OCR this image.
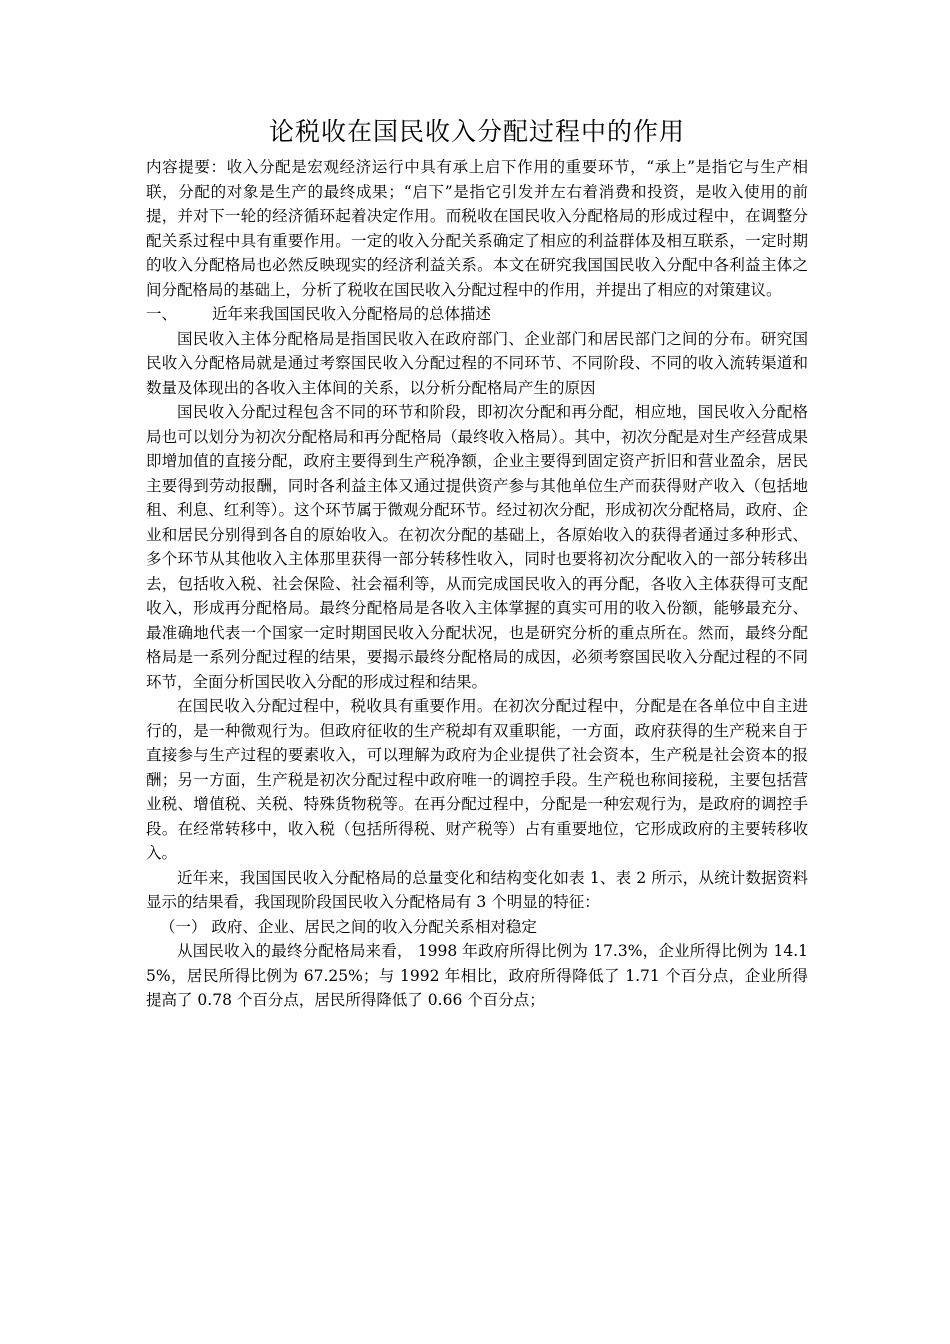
论税收在国民收入分配过程中的作用

内容提要：收入分配是宏观经济运行中具有承上启下作用的重要环节，“承上”是指它与生产相联，分配的对象是生产的最终成果；“启下”是指它引发并左右着消费和投资，是收入使用的前提，并对下一轮的经济循环起着决定作用。而税收在国民收入分配格局的形成过程中，在调整分配关系过程中具有重要作用。一定的收入分配关系确定了相应的利益群体及相互联系，一定时期的收入分配格局也必然反映现实的经济利益关系。本文在研究我国国民收入分配中各利益主体之间分配格局的基础上，分析了税收在国民收入分配过程中的作用，并提出了相应的对策建议。

一、 近年来我国国民收入分配格局的总体描述

国民收入主体分配格局是指国民收入在政府部门、企业部门和居民部门之间的分布。研究国民收入分配格局就是通过考察国民收入分配过程的不同环节、不同阶段、不同的收入流转渠道和数量及体现出的各收入主体间的关系，以分析分配格局产生的原因

国民收入分配过程包含不同的环节和阶段，即初次分配和再分配，相应地，国民收入分配格局也可以划分为初次分配格局和再分配格局（最终收入格局）。其中，初次分配是对生产经营成果即增加值的直接分配，政府主要得到生产税净额，企业主要得到固定资产折旧和营业盈余，居民主要得到劳动报酬，同时各利益主体又通过提供资产参与其他单位生产而获得财产收入（包括地租、利息、红利等）。这个环节属于微观分配环节。经过初次分配，形成初次分配格局，政府、企业和居民分别得到各自的原始收入。在初次分配的基础上，各原始收入的获得者通过多种形式、多个环节从其他收入主体那里获得一部分转移性收入，同时也要将初次分配收入的一部分转移出去，包括收入税、社会保险、社会福利等，从而完成国民收入的再分配，各收入主体获得可支配收入，形成再分配格局。最终分配格局是各收入主体掌握的真实可用的收入份额，能够最充分、最准确地代表一个国家一定时期国民收入分配状况，也是研究分析的重点所在。然而，最终分配格局是一系列分配过程的结果，要揭示最终分配格局的成因，必须考察国民收入分配过程的不同环节，全面分析国民收入分配的形成过程和结果。

在国民收入分配过程中，税收具有重要作用。在初次分配过程中，分配是在各单位中自主进行的，是一种微观行为。但政府征收的生产税却有双重职能，一方面，政府获得的生产税来自于直接参与生产过程的要素收入，可以理解为政府为企业提供了社会资本，生产税是社会资本的报酬；另一方面，生产税是初次分配过程中政府唯一的调控手段。生产税也称间接税，主要包括营业税、增值税、关税、特殊货物税等。在再分配过程中，分配是一种宏观行为，是政府的调控手段。在经常转移中，收入税（包括所得税、财产税等）占有重要地位，它形成政府的主要转移收入。

近年来，我国国民收入分配格局的总量变化和结构变化如表 1、表 2 所示，从统计数据资料显示的结果看，我国现阶段国民收入分配格局有 3 个明显的特征：

（一） 政府、企业、居民之间的收入分配关系相对稳定

从国民收入的最终分配格局来看， 1998 年政府所得比例为 17.3%，企业所得比例为 14.15%，居民所得比例为 67.25%；与 1992 年相比，政府所得降低了 1.71 个百分点，企业所得提高了 0.78 个百分点，居民所得降低了 0.66 个百分点；
